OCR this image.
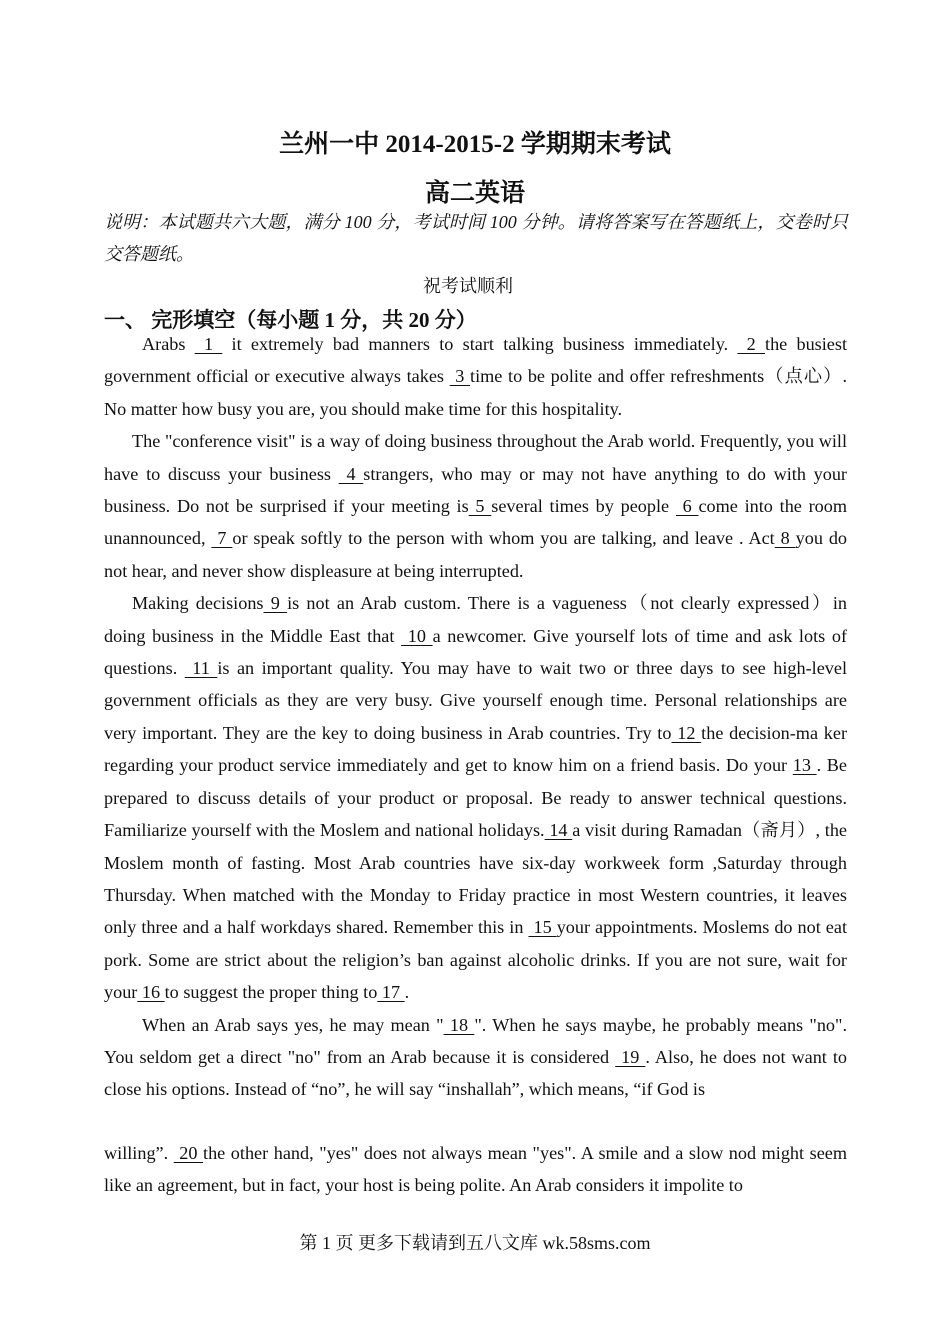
兰州一中 2014-2015-2 学期期末考试
高二英语
说明：本试题共六大题，满分 100 分，考试时间 100 分钟。请将答案写在答题纸上，交卷时只交答题纸。
祝考试顺利
一、 完形填空（每小题 1 分，共 20 分）

Arabs  1  it extremely bad manners to start talking business immediately.  2 the busiest government official or executive always takes  3 time to be polite and offer refreshments（点心）. No matter how busy you are, you should make time for this hospitality.

The "conference visit" is a way of doing business throughout the Arab world. Frequently, you will have to discuss your business  4 strangers, who may or may not have anything to do with your business. Do not be surprised if your meeting is 5 several times by people  6 come into the room unannounced,  7 or speak softly to the person with whom you are talking, and leave . Act 8 you do not hear, and never show displeasure at being interrupted.

Making decisions 9 is not an Arab custom. There is a vagueness（not clearly expressed）in doing business in the Middle East that  10 a newcomer. Give yourself lots of time and ask lots of questions.  11 is an important quality. You may have to wait two or three days to see high-level government officials as they are very busy. Give yourself enough time. Personal relationships are very important. They are the key to doing business in Arab countries. Try to 12 the decision-ma ker regarding your product service immediately and get to know him on a friend basis. Do your 13 . Be prepared to discuss details of your product or proposal. Be ready to answer technical questions. Familiarize yourself with the Moslem and national holidays. 14 a visit during Ramadan（斋月）, the Moslem month of fasting. Most Arab countries have six-day workweek form ,Saturday through Thursday. When matched with the Monday to Friday practice in most Western countries, it leaves only three and a half workdays shared. Remember this in  15 your appointments. Moslems do not eat pork. Some are strict about the religion’s ban against alcoholic drinks. If you are not sure, wait for your 16 to suggest the proper thing to 17 .

When an Arab says yes, he may mean " 18 ". When he says maybe, he probably means "no". You seldom get a direct "no" from an Arab because it is considered  19 . Also, he does not want to close his options. Instead of “no”, he will say “inshallah”, which means, “if God is

willing”.  20 the other hand, "yes" does not always mean "yes". A smile and a slow nod might seem like an agreement, but in fact, your host is being polite. An Arab considers it impolite to

第 1 页 更多下载请到五八文库 wk.58sms.com
